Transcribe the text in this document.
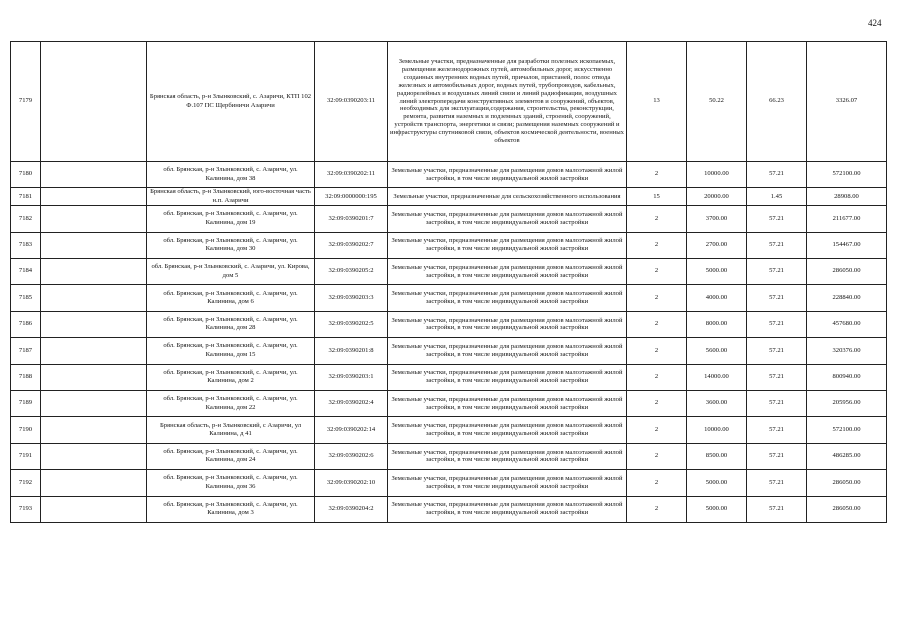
424
7179		Брянская область, р-н Злынковский, с. Азаричи, КТП 102 Ф.107 ПС Щербиничи Азаричи	32:09:0390203:11	Земельные участки, предназначенные для разработки полезных ископаемых, размещения железнодорожных путей, автомобильных дорог, искусственно созданных внутренних водных путей, причалов, пристаней, полос отвода железных и автомобильных дорог, водных путей, трубопроводов, кабельных, радиорелейных и воздушных линий связи и линий радиофикации, воздушных линий электропередачи конструктивных элементов и сооружений, объектов, необходимых для эксплуатации,содержания, строительства, реконструкции, ремонта, развития наземных и подземных зданий, строений, сооружений, устройств транспорта, энергетики и связи; размещения наземных сооружений и инфраструктуры спутниковой связи, объектов космической деятельности, военных объектов	13	50.22	66.23	3326.07
7180		обл. Брянская, р-н Злынковский, с. Азаричи, ул. Калинина, дом 38	32:09:0390202:11	Земельные участки, предназначенные для размещения домов малоэтажной жилой застройки, в том числе индивидуальной жилой застройки	2	10000.00	57.21	572100.00
7181		Брянская область, р-н Злынковский, юго-восточная часть н.п. Азаричи	32:09:0000000:195	Земельные участки, предназначенные для сельскохозяйственного использования	15	20000.00	1.45	28908.00
7182		обл. Брянская, р-н Злынковский, с. Азаричи, ул. Калинина, дом 19	32:09:0390201:7	Земельные участки, предназначенные для размещения домов малоэтажной жилой застройки, в том числе индивидуальной жилой застройки	2	3700.00	57.21	211677.00
7183		обл. Брянская, р-н Злынковский, с. Азаричи, ул. Калинина, дом 30	32:09:0390202:7	Земельные участки, предназначенные для размещения домов малоэтажной жилой застройки, в том числе индивидуальной жилой застройки	2	2700.00	57.21	154467.00
7184		обл. Брянская, р-н Злынковский, с. Азаричи, ул. Кирова, дом 5	32:09:0390205:2	Земельные участки, предназначенные для размещения домов малоэтажной жилой застройки, в том числе индивидуальной жилой застройки	2	5000.00	57.21	286050.00
7185		обл. Брянская, р-н Злынковский, с. Азаричи, ул. Калинина, дом 6	32:09:0390203:3	Земельные участки, предназначенные для размещения домов малоэтажной жилой застройки, в том числе индивидуальной жилой застройки	2	4000.00	57.21	228840.00
7186		обл. Брянская, р-н Злынковский, с. Азаричи, ул. Калинина, дом 28	32:09:0390202:5	Земельные участки, предназначенные для размещения домов малоэтажной жилой застройки, в том числе индивидуальной жилой застройки	2	8000.00	57.21	457680.00
7187		обл. Брянская, р-н Злынковский, с. Азаричи, ул. Калинина, дом 15	32:09:0390201:8	Земельные участки, предназначенные для размещения домов малоэтажной жилой застройки, в том числе индивидуальной жилой застройки	2	5600.00	57.21	320376.00
7188		обл. Брянская, р-н Злынковский, с. Азаричи, ул. Калинина, дом 2	32:09:0390203:1	Земельные участки, предназначенные для размещения домов малоэтажной жилой застройки, в том числе индивидуальной жилой застройки	2	14000.00	57.21	800940.00
7189		обл. Брянская, р-н Злынковский, с. Азаричи, ул. Калинина, дом 22	32:09:0390202:4	Земельные участки, предназначенные для размещения домов малоэтажной жилой застройки, в том числе индивидуальной жилой застройки	2	3600.00	57.21	205956.00
7190		Брянская область, р-н Злынковский, с Азаричи, ул Калинина, д 41	32:09:0390202:14	Земельные участки, предназначенные для размещения домов малоэтажной жилой застройки, в том числе индивидуальной жилой застройки	2	10000.00	57.21	572100.00
7191		обл. Брянская, р-н Злынковский, с. Азаричи, ул. Калинина, дом 24	32:09:0390202:6	Земельные участки, предназначенные для размещения домов малоэтажной жилой застройки, в том числе индивидуальной жилой застройки	2	8500.00	57.21	486285.00
7192		обл. Брянская, р-н Злынковский, с. Азаричи, ул. Калинина, дом 36	32:09:0390202:10	Земельные участки, предназначенные для размещения домов малоэтажной жилой застройки, в том числе индивидуальной жилой застройки	2	5000.00	57.21	286050.00
7193		обл. Брянская, р-н Злынковский, с. Азаричи, ул. Калинина, дом 3	32:09:0390204:2	Земельные участки, предназначенные для размещения домов малоэтажной жилой застройки, в том числе индивидуальной жилой застройки	2	5000.00	57.21	286050.00
